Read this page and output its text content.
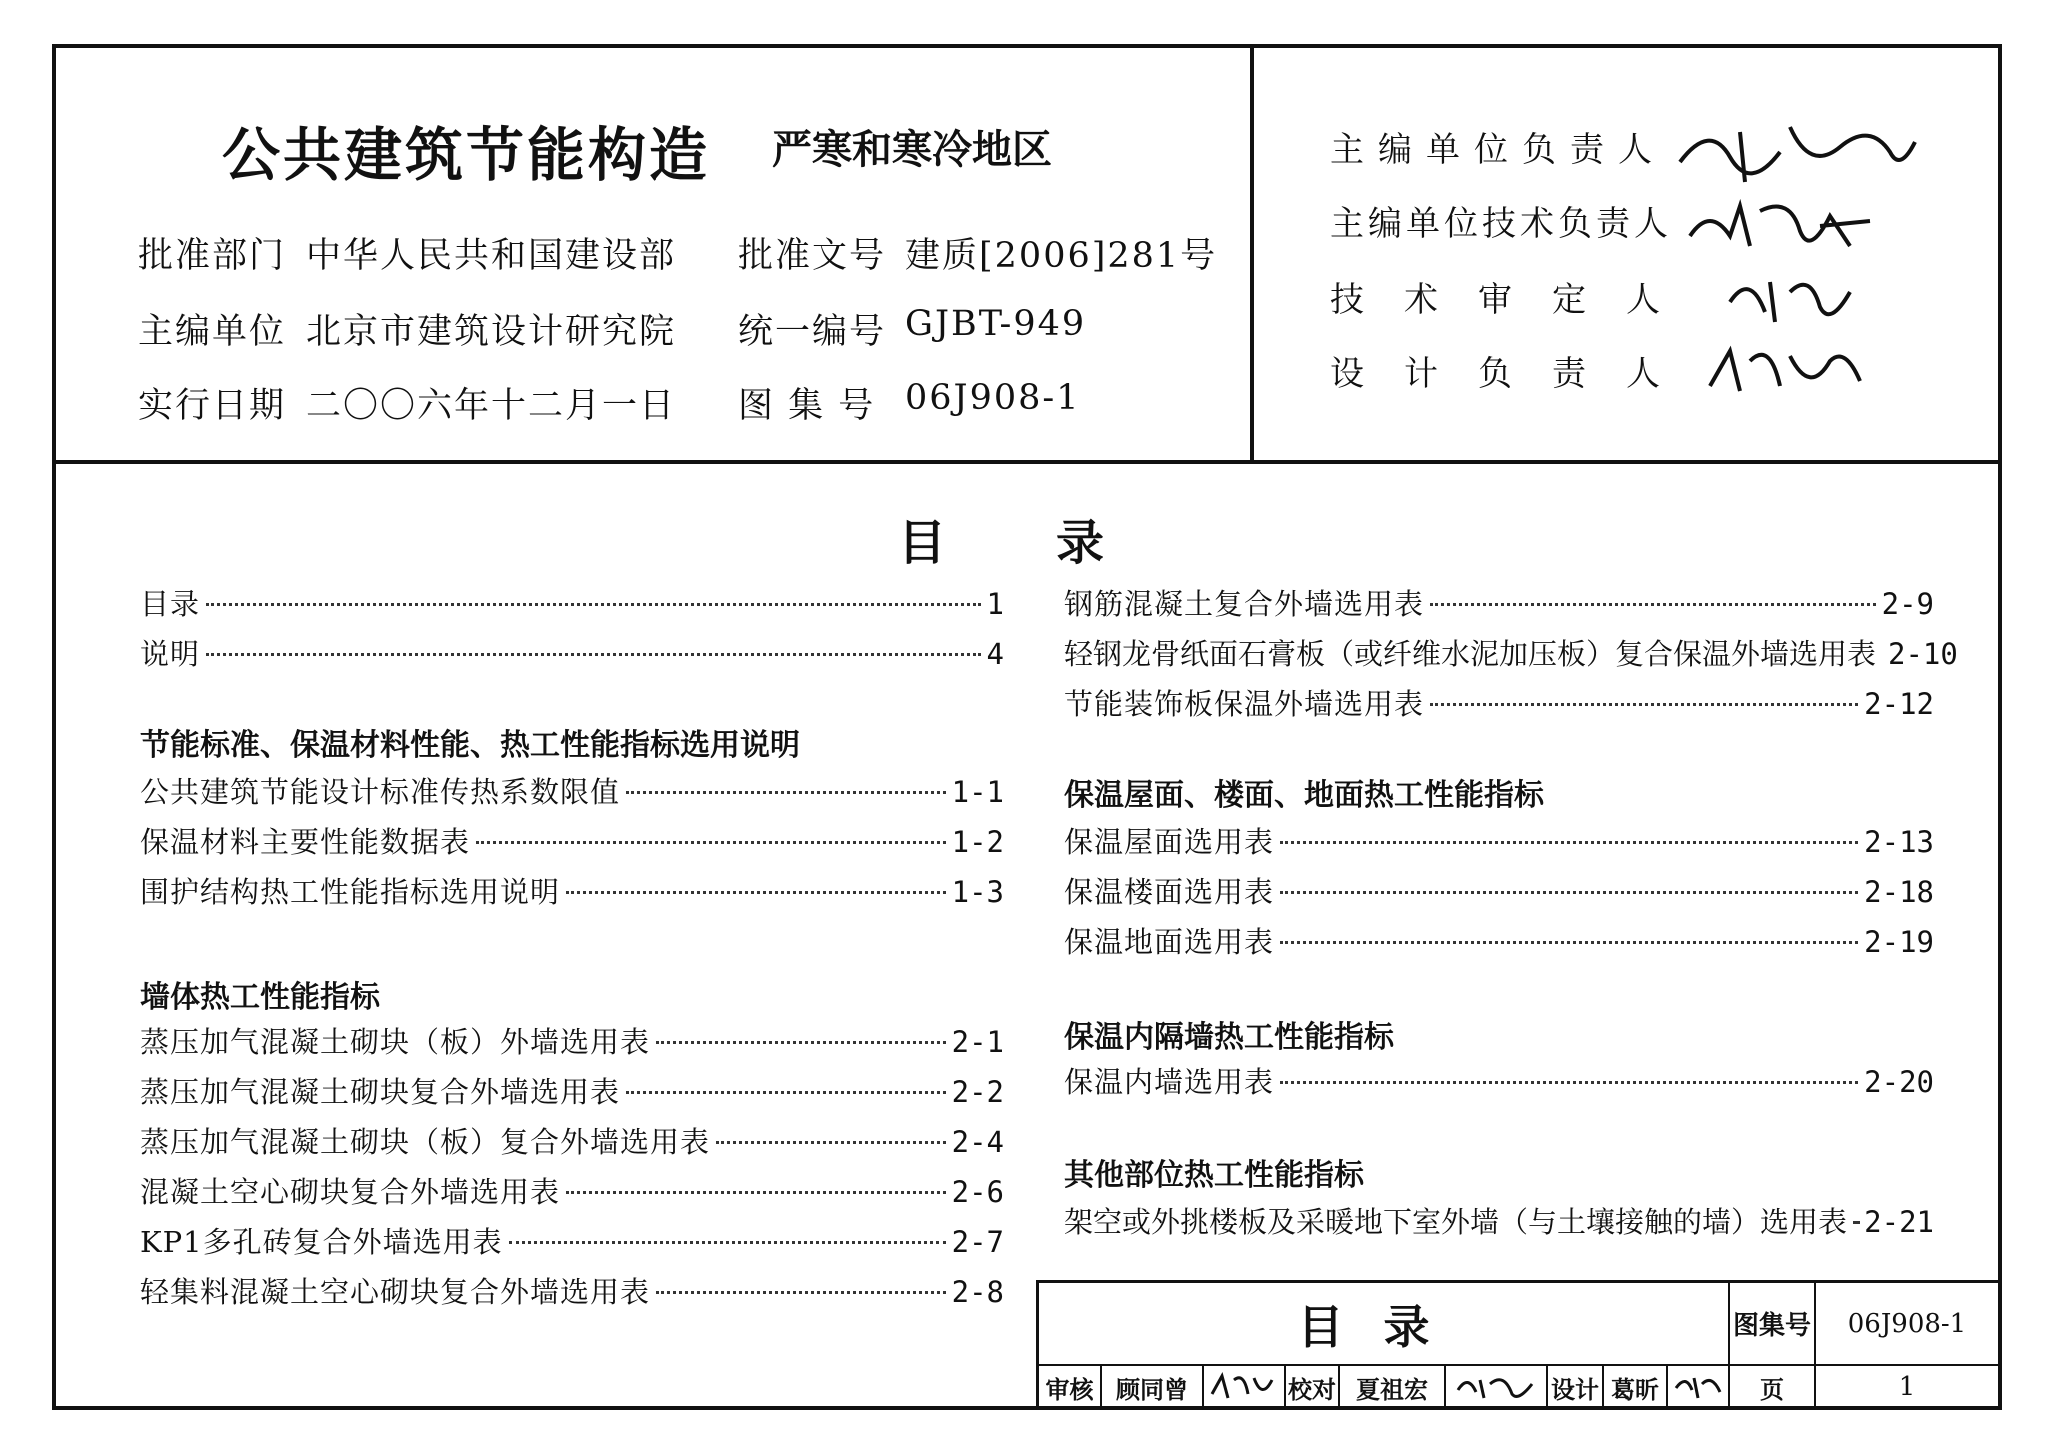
公共建筑节能构造 严寒和寒冷地区
批准部门 中华人民共和国建设部 批准文号 建质[2006]281号
主编单位 北京市建筑设计研究院 统一编号 GJBT-949
实行日期 二〇〇六年十二月一日 图 集 号 06J908-1
主编单位负责人
主编单位技术负责人
技术审定人
设计负责人
目录
目录	1
说明	4
节能标准、保温材料性能、热工性能指标选用说明
公共建筑节能设计标准传热系数限值	1-1
保温材料主要性能数据表	1-2
围护结构热工性能指标选用说明	1-3
墙体热工性能指标
蒸压加气混凝土砌块（板）外墙选用表	2-1
蒸压加气混凝土砌块复合外墙选用表	2-2
蒸压加气混凝土砌块（板）复合外墙选用表	2-4
混凝土空心砌块复合外墙选用表	2-6
KP1多孔砖复合外墙选用表	2-7
轻集料混凝土空心砌块复合外墙选用表	2-8
钢筋混凝土复合外墙选用表	2-9
轻钢龙骨纸面石膏板（或纤维水泥加压板）复合保温外墙选用表 2-10
节能装饰板保温外墙选用表	2-12
保温屋面、楼面、地面热工性能指标
保温屋面选用表	2-13
保温楼面选用表	2-18
保温地面选用表	2-19
保温内隔墙热工性能指标
保温内墙选用表	2-20
其他部位热工性能指标
架空或外挑楼板及采暖地下室外墙（与土壤接触的墙）选用表 2-21
目录	图集号	06J908-1
审核 顾同曾	校对 夏祖宏	设计 葛昕	页	1
